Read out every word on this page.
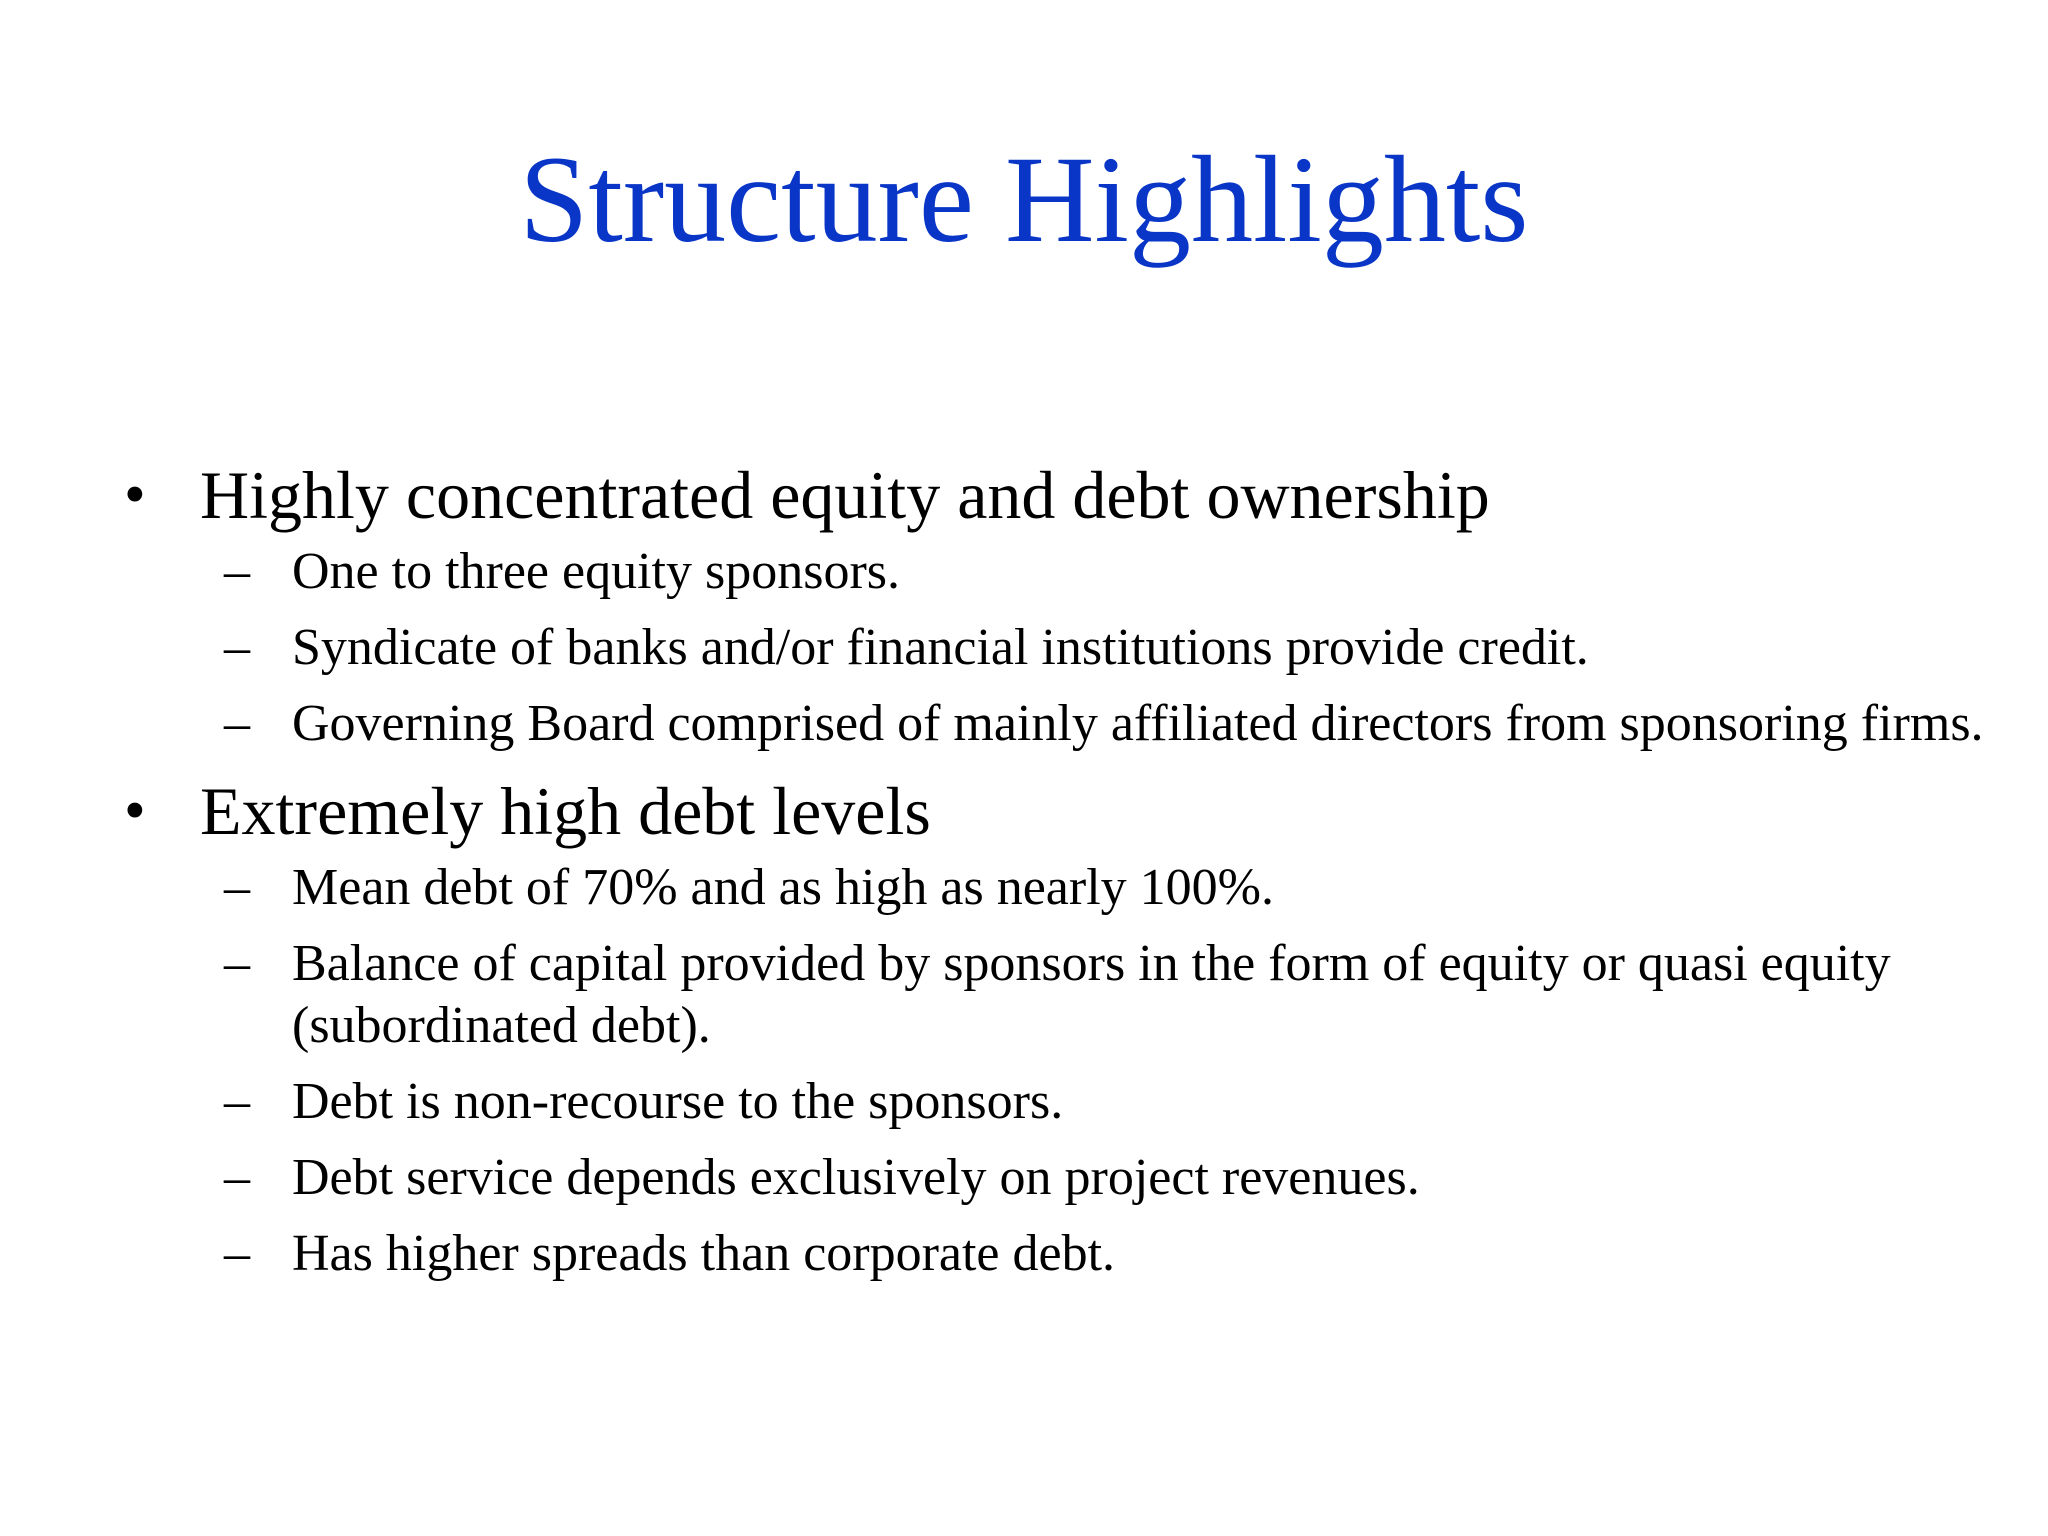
Structure Highlights
• Highly concentrated equity and debt ownership
– One to three equity sponsors.
– Syndicate of banks and/or financial institutions provide credit.
– Governing Board comprised of mainly affiliated directors from sponsoring firms.
• Extremely high debt levels
– Mean debt of 70% and as high as nearly 100%.
– Balance of capital provided by sponsors in the form of equity or quasi equity (subordinated debt).
– Debt is non-recourse to the sponsors.
– Debt service depends exclusively on project revenues.
– Has higher spreads than corporate debt.
